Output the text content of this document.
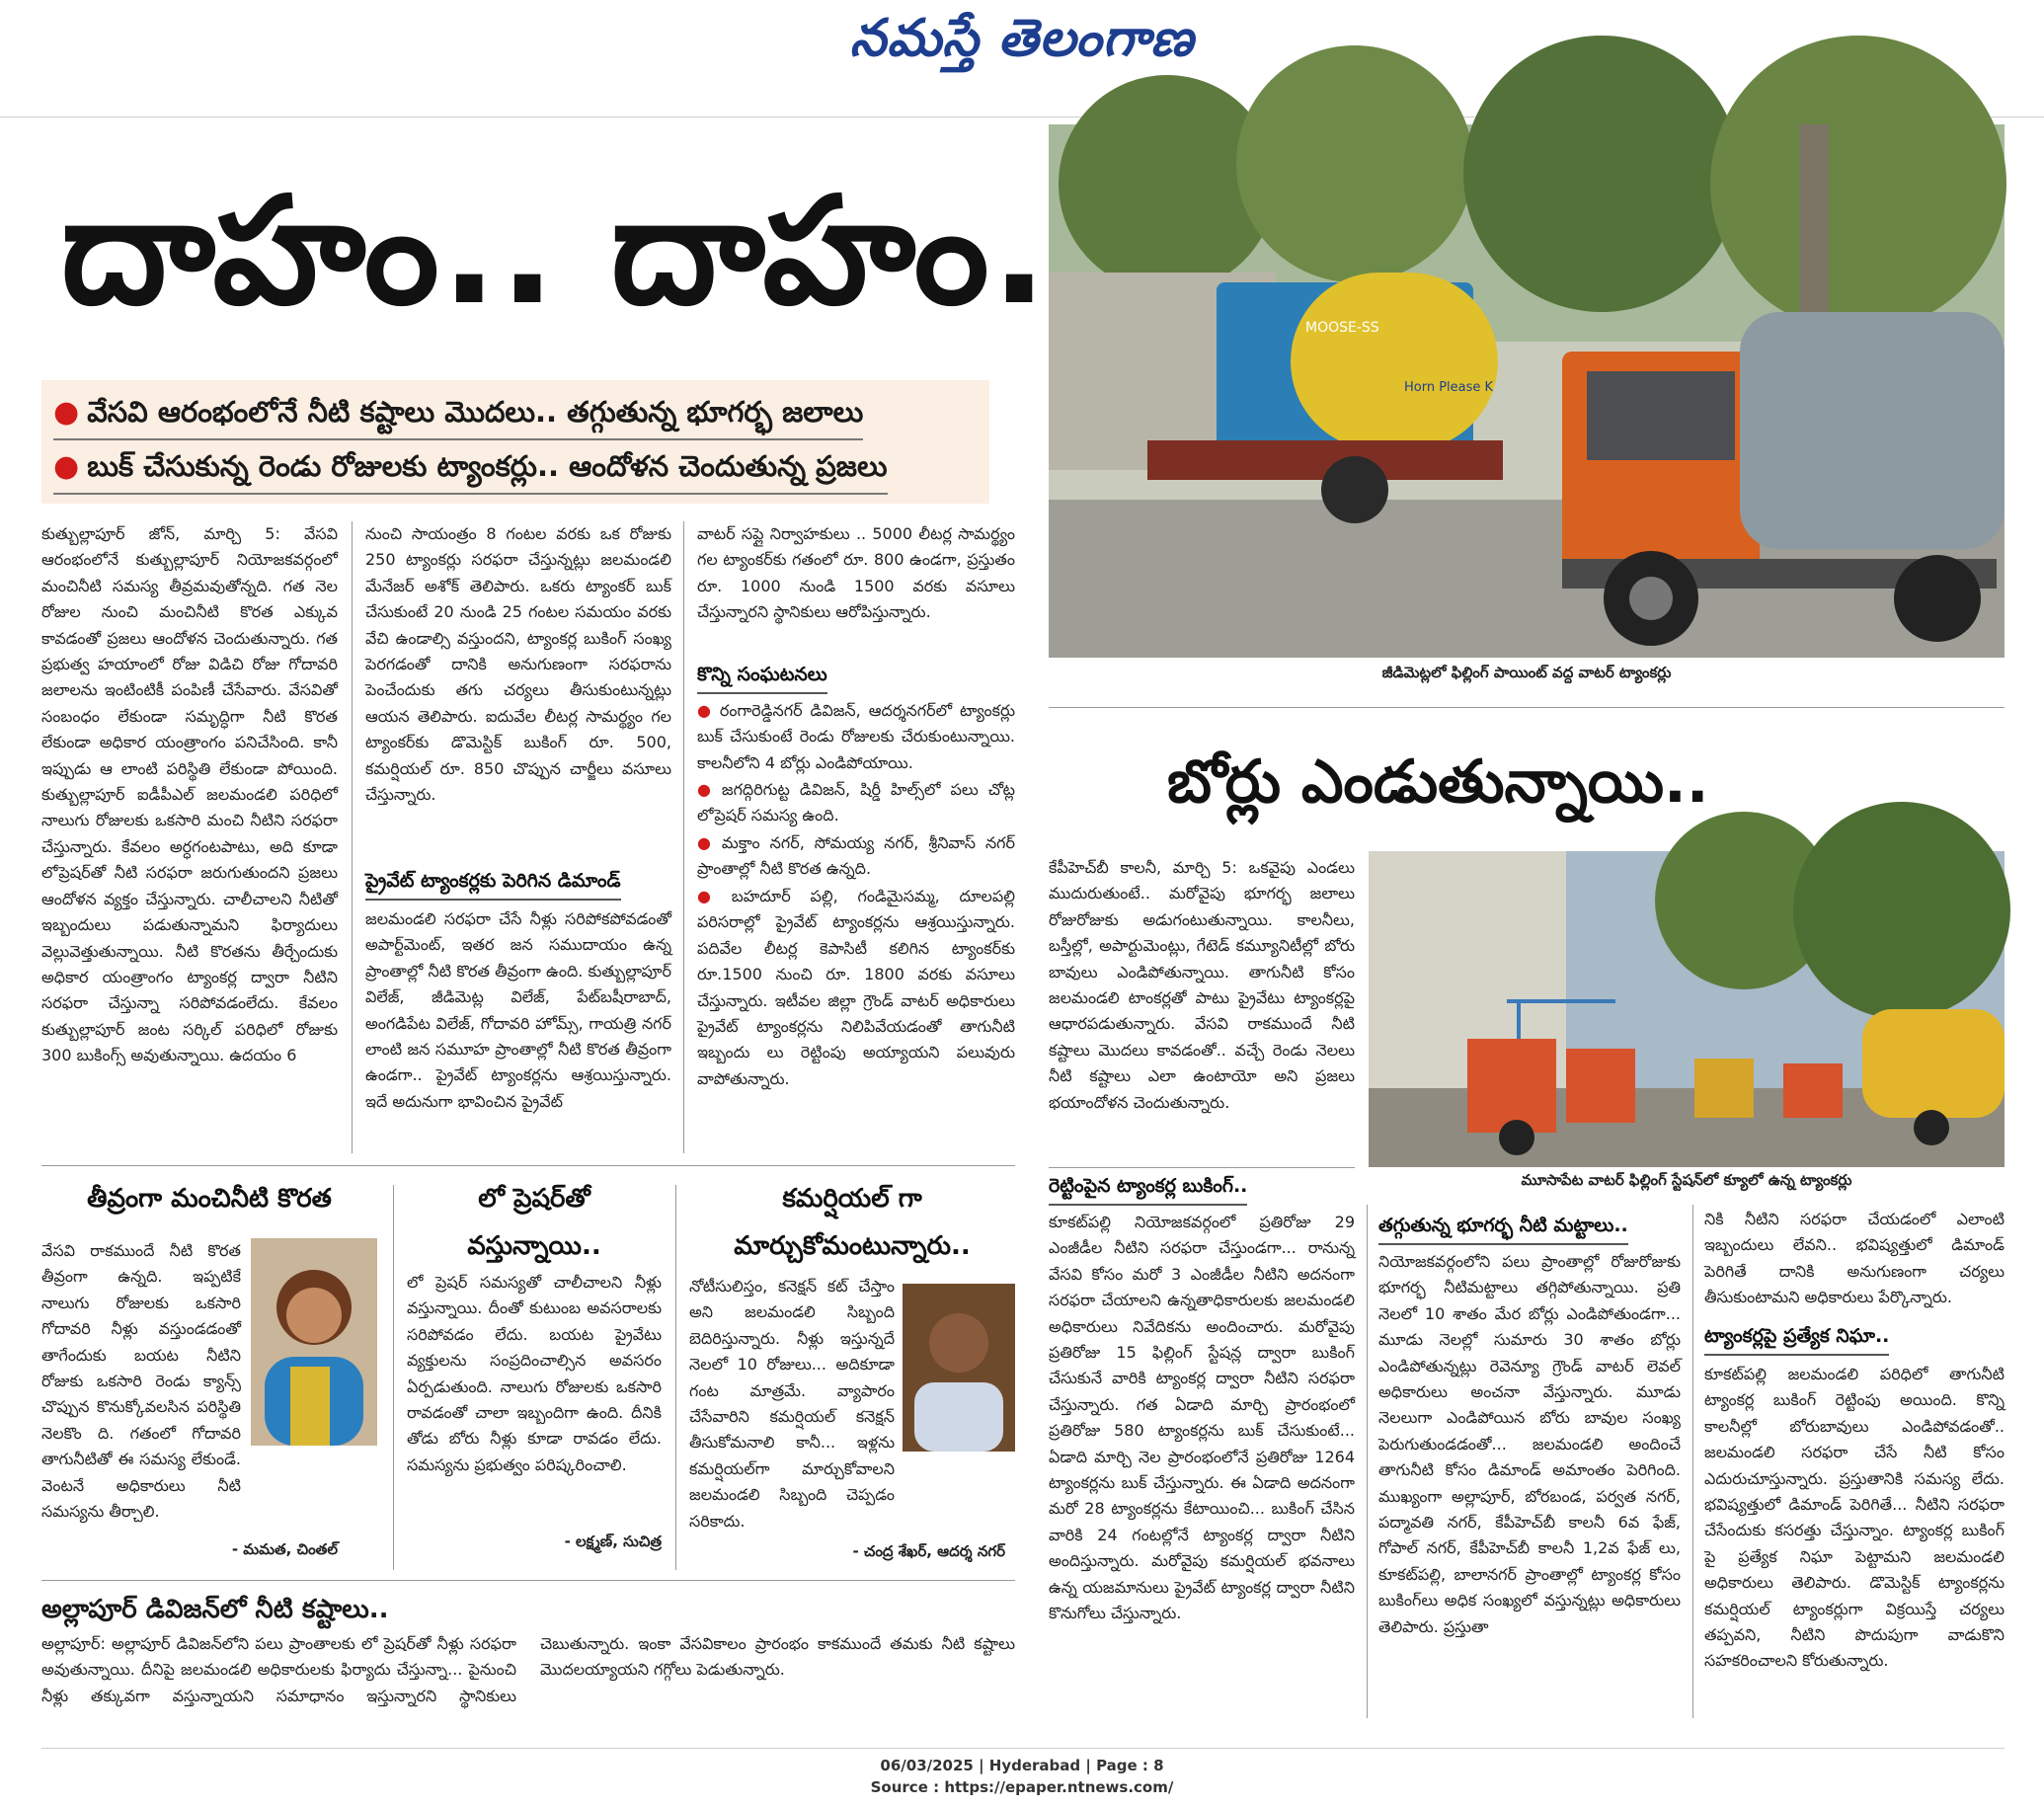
నమస్తే తెలంగాణ
MOOSE-SS
Horn Please K
జీడిమెట్లలో ఫిల్లింగ్ పాయింట్ వద్ద వాటర్ ట్యాంకర్లు
దాహం.. దాహం.
● వేసవి ఆరంభంలోనే నీటి కష్టాలు మొదలు.. తగ్గుతున్న భూగర్భ జలాలు
● బుక్ చేసుకున్న రెండు రోజులకు ట్యాంకర్లు.. ఆందోళన చెందుతున్న ప్రజలు
కుత్బుల్లాపూర్ జోన్, మార్చి 5: వేసవి ఆరంభంలోనే కుత్బుల్లాపూర్ నియోజకవర్గంలో మంచినీటి సమస్య తీవ్రమవుతోన్నది. గత నెల రోజుల నుంచి మంచినీటి కొరత ఎక్కువ కావడంతో ప్రజలు ఆందోళన చెందుతున్నారు. గత ప్రభుత్వ హయాంలో రోజు విడిచి రోజు గోదావరి జలాలను ఇంటింటికీ పంపిణీ చేసేవారు. వేసవితో సంబంధం లేకుండా సమృద్ధిగా నీటి కొరత లేకుండా అధికార యంత్రాంగం పనిచేసింది. కానీ ఇప్పుడు ఆ లాంటి పరిస్థితి లేకుండా పోయింది. కుత్బుల్లాపూర్ ఐడీపీఎల్ జలమండలి పరిధిలో నాలుగు రోజులకు ఒకసారి మంచి నీటిని సరఫరా చేస్తున్నారు. కేవలం అర్ధగంటపాటు, అది కూడా లోప్రెషర్‌తో నీటి సరఫరా జరుగుతుందని ప్రజలు ఆందోళన వ్యక్తం చేస్తున్నారు. చాలీచాలని నీటితో ఇబ్బందులు పడుతున్నామని ఫిర్యాదులు వెల్లువెత్తుతున్నాయి. నీటి కొరతను తీర్చేందుకు అధికార యంత్రాంగం ట్యాంకర్ల ద్వారా నీటిని సరఫరా చేస్తున్నా సరిపోవడంలేదు. కేవలం కుత్బుల్లాపూర్ జంట సర్కిల్ పరిధిలో రోజుకు 300 బుకింగ్స్ అవుతున్నాయి. ఉదయం 6
నుంచి సాయంత్రం 8 గంటల వరకు ఒక రోజుకు 250 ట్యాంకర్లు సరఫరా చేస్తున్నట్లు జలమండలి మేనేజర్ అశోక్ తెలిపారు. ఒకరు ట్యాంకర్ బుక్ చేసుకుంటే 20 నుండి 25 గంటల సమయం వరకు వేచి ఉండాల్సి వస్తుందని, ట్యాంకర్ల బుకింగ్ సంఖ్య పెరగడంతో దానికి అనుగుణంగా సరఫరాను పెంచేందుకు తగు చర్యలు తీసుకుంటున్నట్లు ఆయన తెలిపారు. ఐదువేల లీటర్ల సామర్థ్యం గల ట్యాంకర్‌కు డొమెస్టిక్ బుకింగ్ రూ. 500, కమర్షియల్ రూ. 850 చొప్పున చార్జీలు వసూలు చేస్తున్నారు.
ప్రైవేట్ ట్యాంకర్లకు పెరిగిన డిమాండ్
జలమండలి సరఫరా చేసే నీళ్లు సరిపోకపోవడంతో అపార్ట్‌మెంట్, ఇతర జన సముదాయం ఉన్న ప్రాంతాల్లో నీటి కొరత తీవ్రంగా ఉంది. కుత్బుల్లాపూర్ విలేజ్, జీడిమెట్ల విలేజ్, పేట్‌బషీరాబాద్, అంగడిపేట విలేజ్, గోదావరి హోమ్స్, గాయత్రి నగర్ లాంటి జన సమూహ ప్రాంతాల్లో నీటి కొరత తీవ్రంగా ఉండగా.. ప్రైవేట్ ట్యాంకర్లను ఆశ్రయిస్తున్నారు. ఇదే అదునుగా భావించిన ప్రైవేట్
వాటర్ సప్లై నిర్వాహకులు .. 5000 లీటర్ల సామర్థ్యం గల ట్యాంకర్‌కు గతంలో రూ. 800 ఉండగా, ప్రస్తుతం రూ. 1000 నుండి 1500 వరకు వసూలు చేస్తున్నారని స్థానికులు ఆరోపిస్తున్నారు.
కొన్ని సంఘటనలు
● రంగారెడ్డినగర్ డివిజన్, ఆదర్శనగర్‌లో ట్యాంకర్లు బుక్ చేసుకుంటే రెండు రోజులకు చేరుకుంటున్నాయి. కాలనీలోని 4 బోర్లు ఎండిపోయాయి.
● జగద్గిరిగుట్ట డివిజన్, షిర్డీ హిల్స్‌లో పలు చోట్ల లోప్రెషర్ సమస్య ఉంది.
● మక్తాం నగర్, సోమయ్య నగర్, శ్రీనివాస్ నగర్ ప్రాంతాల్లో నీటి కొరత ఉన్నది.
● బహదూర్ పల్లి, గండిమైసమ్మ, దూలపల్లి పరిసరాల్లో ప్రైవేట్ ట్యాంకర్లను ఆశ్రయిస్తున్నారు. పదివేల లీటర్ల కెపాసిటీ కలిగిన ట్యాంకర్‌కు రూ.1500 నుంచి రూ. 1800 వరకు వసూలు చేస్తున్నారు. ఇటీవల జిల్లా గ్రౌండ్ వాటర్ అధికారులు ప్రైవేట్ ట్యాంకర్లను నిలిపివేయడంతో తాగునీటి ఇబ్బందు లు రెట్టింపు అయ్యాయని పలువురు వాపోతున్నారు.
తీవ్రంగా మంచినీటి కొరత
వేసవి రాకముందే నీటి కొరత తీవ్రంగా ఉన్నది. ఇప్పటికే నాలుగు రోజులకు ఒకసారి గోదావరి నీళ్లు వస్తుండడంతో తాగేందుకు బయట నీటిని రోజుకు ఒకసారి రెండు క్యాన్స్ చొప్పున కొనుక్కోవలసిన పరిస్థితి నెలకొం ది. గతంలో గోదావరి తాగునీటితో ఈ సమస్య లేకుండే. వెంటనే అధికారులు నీటి సమస్యను తీర్చాలి.
- మమత, చింతల్
లో ప్రెషర్‌తో
వస్తున్నాయి..
లో ప్రెషర్ సమస్యతో చాలీచాలని నీళ్లు వస్తున్నాయి. దీంతో కుటుంబ అవసరాలకు సరిపోవడం లేదు. బయట ప్రైవేటు వ్యక్తులను సంప్రదించాల్సిన అవసరం ఏర్పడుతుంది. నాలుగు రోజులకు ఒకసారి రావడంతో చాలా ఇబ్బందిగా ఉంది. దీనికి తోడు బోరు నీళ్లు కూడా రావడం లేదు. సమస్యను ప్రభుత్వం పరిష్కరించాలి.
- లక్ష్మణ్, సుచిత్ర
కమర్షియల్ గా
మార్చుకోమంటున్నారు..
నోటీసులిస్తం, కనెక్షన్ కట్ చేస్తాం అని జలమండలి సిబ్బంది బెదిరిస్తున్నారు. నీళ్లు ఇస్తున్నదే నెలలో 10 రోజులు... అదికూడా గంట మాత్రమే. వ్యాపారం చేసేవారిని కమర్షియల్ కనెక్షన్ తీసుకోమనాలి కానీ... ఇళ్లను కమర్షియల్‌గా మార్చుకోవాలని జలమండలి సిబ్బంది చెప్పడం సరికాదు.
- చంద్ర శేఖర్, ఆదర్శ నగర్
అల్లాపూర్ డివిజన్‌లో నీటి కష్టాలు..
అల్లాపూర్: అల్లాపూర్ డివిజన్‌లోని పలు ప్రాంతాలకు లో ప్రెషర్‌తో నీళ్లు సరఫరా అవుతున్నాయి. దీనిపై జలమండలి అధికారులకు ఫిర్యాదు చేస్తున్నా... పైనుంచి నీళ్లు తక్కువగా వస్తున్నాయని సమాధానం ఇస్తున్నారని స్థానికులు చెబుతున్నారు. ఇంకా వేసవికాలం ప్రారంభం కాకముందే తమకు నీటి కష్టాలు మొదలయ్యాయని గగ్గోలు పెడుతున్నారు.
బోర్లు ఎండుతున్నాయి..
కేపీహెచ్‌బీ కాలనీ, మార్చి 5: ఒకవైపు ఎండలు ముదురుతుంటే.. మరోవైపు భూగర్భ జలాలు రోజురోజుకు అడుగంటుతున్నాయి. కాలనీలు, బస్తీల్లో, అపార్టుమెంట్లు, గేటెడ్ కమ్యూనిటీల్లో బోరు బావులు ఎండిపోతున్నాయి. తాగునీటి కోసం జలమండలి టాంకర్లతో పాటు ప్రైవేటు ట్యాంకర్లపై ఆధారపడుతున్నారు. వేసవి రాకముందే నీటి కష్టాలు మొదలు కావడంతో.. వచ్చే రెండు నెలలు నీటి కష్టాలు ఎలా ఉంటాయో అని ప్రజలు భయాందోళన చెందుతున్నారు.
మూసాపేట వాటర్ ఫిల్లింగ్ స్టేషన్‌లో క్యూలో ఉన్న ట్యాంకర్లు
రెట్టింపైన ట్యాంకర్ల బుకింగ్..
కూకట్‌పల్లి నియోజకవర్గంలో ప్రతిరోజు 29 ఎంజీడీల నీటిని సరఫరా చేస్తుండగా... రానున్న వేసవి కోసం మరో 3 ఎంజీడీల నీటిని అదనంగా సరఫరా చేయాలని ఉన్నతాధికారులకు జలమండలి అధికారులు నివేదికను అందించారు. మరోవైపు ప్రతిరోజు 15 ఫిల్లింగ్ స్టేషన్ల ద్వారా బుకింగ్ చేసుకునే వారికి ట్యాంకర్ల ద్వారా నీటిని సరఫరా చేస్తున్నారు. గత ఏడాది మార్చి ప్రారంభంలో ప్రతిరోజు 580 ట్యాంకర్లను బుక్ చేసుకుంటే... ఏడాది మార్చి నెల ప్రారంభంలోనే ప్రతిరోజు 1264 ట్యాంకర్లను బుక్ చేస్తున్నారు. ఈ ఏడాది అదనంగా మరో 28 ట్యాంకర్లను కేటాయించి... బుకింగ్ చేసిన వారికి 24 గంటల్లోనే ట్యాంకర్ల ద్వారా నీటిని అందిస్తున్నారు. మరోవైపు కమర్షియల్ భవనాలు ఉన్న యజమానులు ప్రైవేట్ ట్యాంకర్ల ద్వారా నీటిని కొనుగోలు చేస్తున్నారు.
తగ్గుతున్న భూగర్భ నీటి మట్టాలు..
నియోజకవర్గంలోని పలు ప్రాంతాల్లో రోజురోజుకు భూగర్భ నీటిమట్టాలు తగ్గిపోతున్నాయి. ప్రతి నెలలో 10 శాతం మేర బోర్లు ఎండిపోతుండగా... మూడు నెలల్లో సుమారు 30 శాతం బోర్లు ఎండిపోతున్నట్లు రెవెన్యూ గ్రౌండ్ వాటర్ లెవల్ అధికారులు అంచనా వేస్తున్నారు. మూడు నెలలుగా ఎండిపోయిన బోరు బావుల సంఖ్య పెరుగుతుండడంతో... జలమండలి అందించే తాగునీటి కోసం డిమాండ్ అమాంతం పెరిగింది. ముఖ్యంగా అల్లాపూర్, బోరబండ, పర్వత నగర్, పద్మావతి నగర్, కేపీహెచ్‌బీ కాలనీ 6వ ఫేజ్, గోపాల్ నగర్, కేపీహెచ్‌బీ కాలనీ 1,2వ ఫేజ్ లు, కూకట్‌పల్లి, బాలానగర్ ప్రాంతాల్లో ట్యాంకర్ల కోసం బుకింగ్‌లు అధిక సంఖ్యలో వస్తున్నట్లు అధికారులు తెలిపారు. ప్రస్తుతా
నికి నీటిని సరఫరా చేయడంలో ఎలాంటి ఇబ్బందులు లేవని.. భవిష్యత్తులో డిమాండ్ పెరిగితే దానికి అనుగుణంగా చర్యలు తీసుకుంటామని అధికారులు పేర్కొన్నారు.
ట్యాంకర్లపై ప్రత్యేక నిఘా..
కూకట్‌పల్లి జలమండలి పరిధిలో తాగునీటి ట్యాంకర్ల బుకింగ్ రెట్టింపు అయింది. కొన్ని కాలనీల్లో బోరుబావులు ఎండిపోవడంతో.. జలమండలి సరఫరా చేసే నీటి కోసం ఎదురుచూస్తున్నారు. ప్రస్తుతానికి సమస్య లేదు. భవిష్యత్తులో డిమాండ్ పెరిగితే... నీటిని సరఫరా చేసేందుకు కసరత్తు చేస్తున్నాం. ట్యాంకర్ల బుకింగ్ పై ప్రత్యేక నిఘా పెట్టామని జలమండలి అధికారులు తెలిపారు. డొమెస్టిక్ ట్యాంకర్లను కమర్షియల్ ట్యాంకర్లుగా విక్రయిస్తే చర్యలు తప్పవని, నీటిని పొదుపుగా వాడుకొని సహకరించాలని కోరుతున్నారు.
06/03/2025 | Hyderabad | Page : 8
Source : https://epaper.ntnews.com/
